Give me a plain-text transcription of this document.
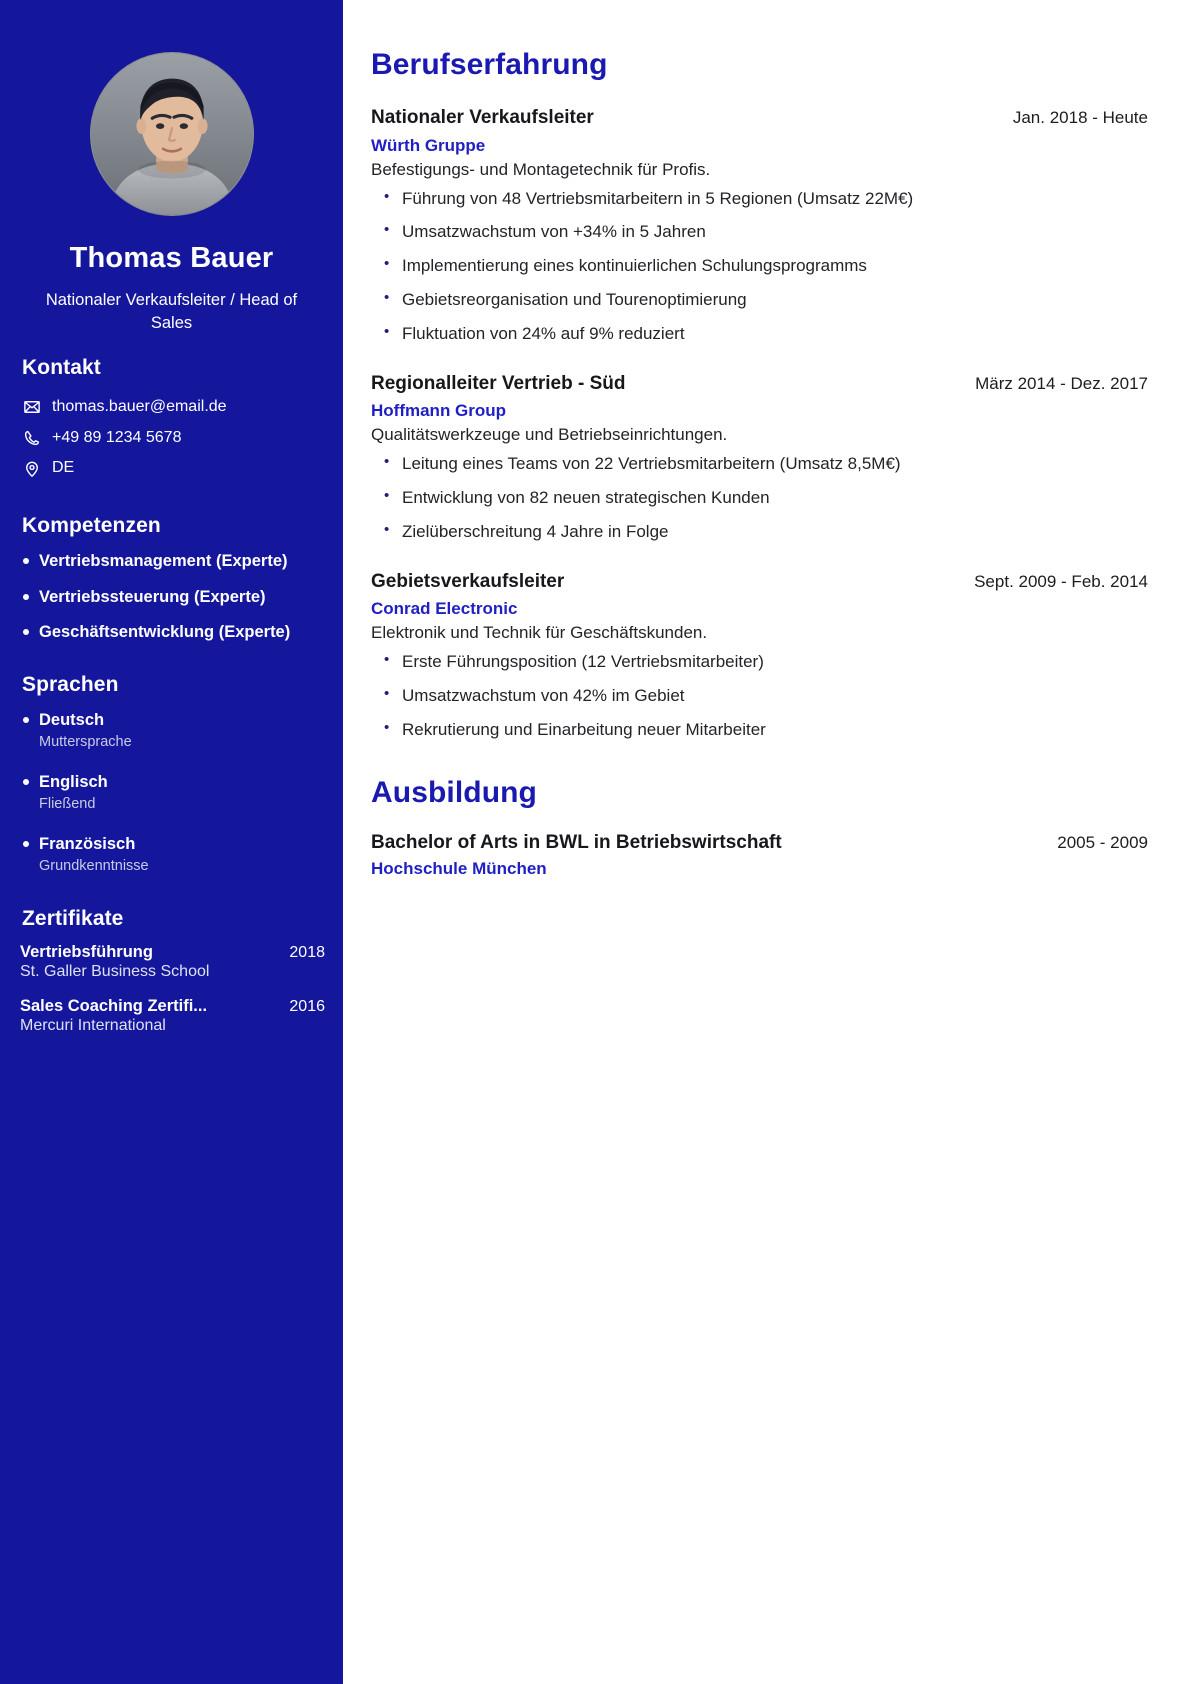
Thomas Bauer
Nationaler Verkaufsleiter / Head of Sales
Kontakt
thomas.bauer@email.de
+49 89 1234 5678
DE
Kompetenzen
Vertriebsmanagement (Experte)
Vertriebssteuerung (Experte)
Geschäftsentwicklung (Experte)
Sprachen
Deutsch
Muttersprache
Englisch
Fließend
Französisch
Grundkenntnisse
Zertifikate
Vertriebsführung	2018
St. Galler Business School
Sales Coaching Zertifi...	2016
Mercuri International
Berufserfahrung
Nationaler Verkaufsleiter	Jan. 2018 - Heute
Würth Gruppe
Befestigungs- und Montagetechnik für Profis.
• Führung von 48 Vertriebsmitarbeitern in 5 Regionen (Umsatz 22M€)
• Umsatzwachstum von +34% in 5 Jahren
• Implementierung eines kontinuierlichen Schulungsprogramms
• Gebietsreorganisation und Tourenoptimierung
• Fluktuation von 24% auf 9% reduziert
Regionalleiter Vertrieb - Süd	März 2014 - Dez. 2017
Hoffmann Group
Qualitätswerkzeuge und Betriebseinrichtungen.
• Leitung eines Teams von 22 Vertriebsmitarbeitern (Umsatz 8,5M€)
• Entwicklung von 82 neuen strategischen Kunden
• Zielüberschreitung 4 Jahre in Folge
Gebietsverkaufsleiter	Sept. 2009 - Feb. 2014
Conrad Electronic
Elektronik und Technik für Geschäftskunden.
• Erste Führungsposition (12 Vertriebsmitarbeiter)
• Umsatzwachstum von 42% im Gebiet
• Rekrutierung und Einarbeitung neuer Mitarbeiter
Ausbildung
Bachelor of Arts in BWL in Betriebswirtschaft	2005 - 2009
Hochschule München
